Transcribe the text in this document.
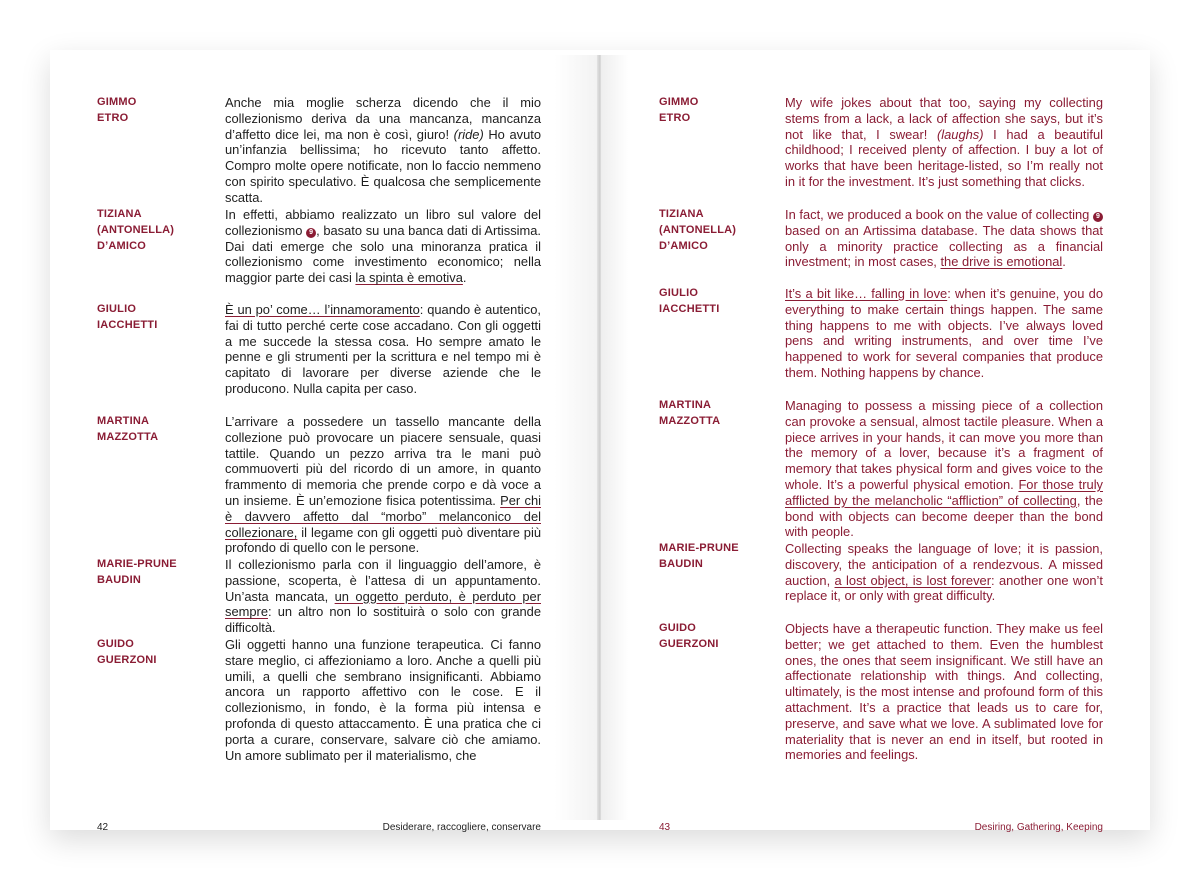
GIMMO
ETRO
Anche mia moglie scherza dicendo che il mio collezionismo deriva da una mancanza, mancanza d’affetto dice lei, ma non è così, giuro! (ride) Ho avuto un’infanzia bellissima; ho ricevuto tanto affetto. Compro molte opere notificate, non lo faccio nemmeno con spirito speculativo. È qualcosa che semplicemente scatta.
TIZIANA
(ANTONELLA)
D’AMICO
In effetti, abbiamo realizzato un libro sul valore del collezionismo 9 , basato su una banca dati di Artissima. Dai dati emerge che solo una minoranza pratica il collezionismo come investimento economico; nella maggior parte dei casi la spinta è emotiva.
GIULIO
IACCHETTI
È un po’ come… l’innamoramento: quando è autentico, fai di tutto perché certe cose accadano. Con gli oggetti a me succede la stessa cosa. Ho sempre amato le penne e gli strumenti per la scrittura e nel tempo mi è capitato di lavorare per diverse aziende che le producono. Nulla capita per caso.
MARTINA
MAZZOTTA
L’arrivare a possedere un tassello mancante della collezione può provocare un piacere sensuale, quasi tattile. Quando un pezzo arriva tra le mani può commuoverti più del ricordo di un amore, in quanto frammento di memoria che prende corpo e dà voce a un insieme. È un’emozione fisica potentissima. Per chi è davvero affetto dal “morbo” melanconico del collezionare, il legame con gli oggetti può diventare più profondo di quello con le persone.
MARIE-PRUNE
BAUDIN
Il collezionismo parla con il linguaggio dell’amore, è passione, scoperta, è l’attesa di un appuntamento. Un’asta mancata, un oggetto perduto, è perduto per sempre: un altro non lo sostituirà o solo con grande difficoltà.
GUIDO
GUERZONI
Gli oggetti hanno una funzione terapeutica. Ci fanno stare meglio, ci affezioniamo a loro. Anche a quelli più umili, a quelli che sembrano insignificanti. Abbiamo ancora un rapporto affettivo con le cose. E il collezionismo, in fondo, è la forma più intensa e profonda di questo attaccamento. È una pratica che ci porta a curare, conservare, salvare ciò che amiamo. Un amore sublimato per il materialismo, che
42	Desiderare, raccogliere, conservare
GIMMO
ETRO
My wife jokes about that too, saying my collecting stems from a lack, a lack of affection she says, but it’s not like that, I swear! (laughs) I had a beautiful childhood; I received plenty of affection. I buy a lot of works that have been heritage-listed, so I’m really not in it for the investment. It’s just something that clicks.
TIZIANA
(ANTONELLA)
D’AMICO
In fact, we produced a book on the value of collecting 9 based on an Artissima database. The data shows that only a minority practice collecting as a financial investment; in most cases, the drive is emotional.
GIULIO
IACCHETTI
It’s a bit like… falling in love: when it’s genuine, you do everything to make certain things happen. The same thing happens to me with objects. I’ve always loved pens and writing instruments, and over time I’ve happened to work for several companies that produce them. Nothing happens by chance.
MARTINA
MAZZOTTA
Managing to possess a missing piece of a collection can provoke a sensual, almost tactile pleasure. When a piece arrives in your hands, it can move you more than the memory of a lover, because it’s a fragment of memory that takes physical form and gives voice to the whole. It’s a powerful physical emotion. For those truly afflicted by the melancholic “affliction” of collecting, the bond with objects can become deeper than the bond with people.
MARIE-PRUNE
BAUDIN
Collecting speaks the language of love; it is passion, discovery, the anticipation of a rendezvous. A missed auction, a lost object, is lost forever: another one won’t replace it, or only with great difficulty.
GUIDO
GUERZONI
Objects have a therapeutic function. They make us feel better; we get attached to them. Even the humblest ones, the ones that seem insignificant. We still have an affectionate relationship with things. And collecting, ultimately, is the most intense and profound form of this attachment. It’s a practice that leads us to care for, preserve, and save what we love. A sublimated love for materiality that is never an end in itself, but rooted in memories and feelings.
43	Desiring, Gathering, Keeping
